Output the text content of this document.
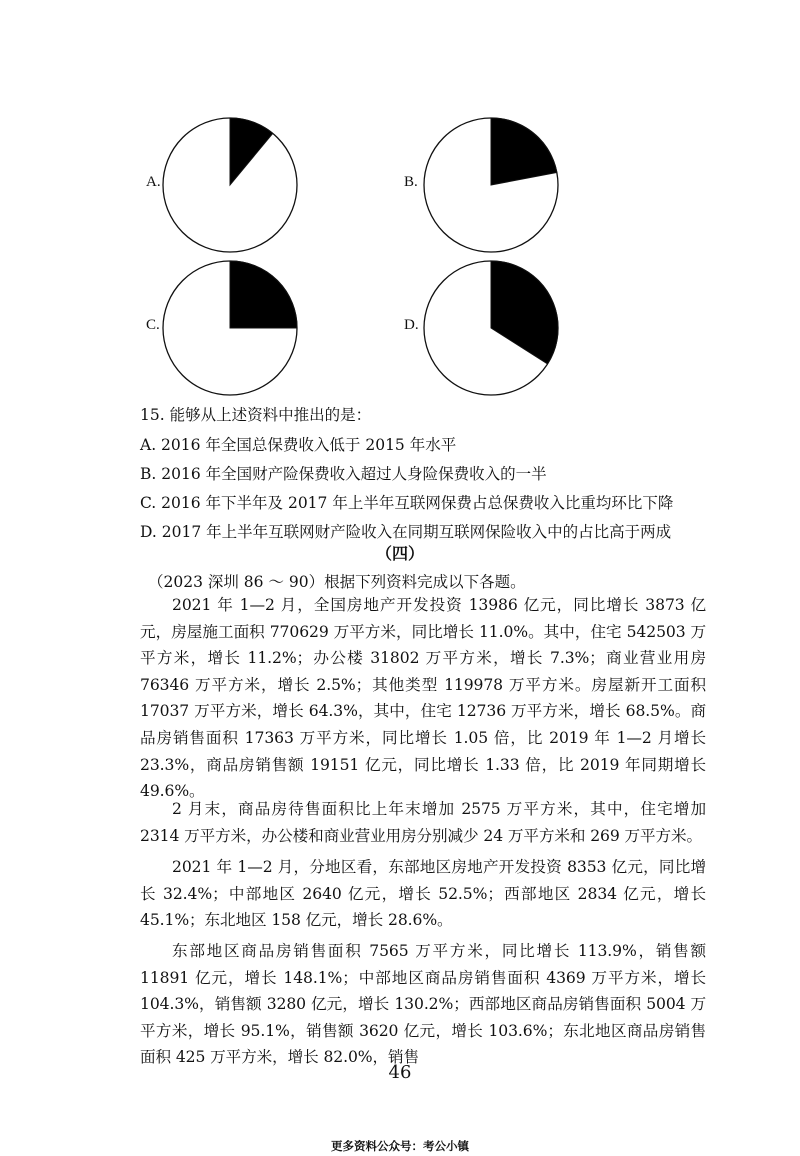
A.	B.
C.	D.
15. 能够从上述资料中推出的是：
A. 2016 年全国总保费收入低于 2015 年水平
B. 2016 年全国财产险保费收入超过人身险保费收入的一半
C. 2016 年下半年及 2017 年上半年互联网保费占总保费收入比重均环比下降
D. 2017 年上半年互联网财产险收入在同期互联网保险收入中的占比高于两成
（四）
（2023 深圳 86 ～ 90）根据下列资料完成以下各题。

2021 年 1—2 月，全国房地产开发投资 13986 亿元，同比增长 3873 亿元，房屋施工面积 770629 万平方米，同比增长 11.0%。其中，住宅 542503 万平方米，增长 11.2%；办公楼 31802 万平方米，增长 7.3%；商业营业用房 76346 万平方米，增长 2.5%；其他类型 119978 万平方米。房屋新开工面积 17037 万平方米，增长 64.3%，其中，住宅 12736 万平方米，增长 68.5%。商品房销售面积 17363 万平方米，同比增长 1.05 倍，比 2019 年 1—2 月增长 23.3%，商品房销售额 19151 亿元，同比增长 1.33 倍，比 2019 年同期增长 49.6%。

2 月末，商品房待售面积比上年末增加 2575 万平方米，其中，住宅增加 2314 万平方米，办公楼和商业营业用房分别减少 24 万平方米和 269 万平方米。

2021 年 1—2 月，分地区看，东部地区房地产开发投资 8353 亿元，同比增长 32.4%；中部地区 2640 亿元，增长 52.5%；西部地区 2834 亿元，增长 45.1%；东北地区 158 亿元，增长 28.6%。

东部地区商品房销售面积 7565 万平方米，同比增长 113.9%，销售额 11891 亿元，增长 148.1%；中部地区商品房销售面积 4369 万平方米，增长 104.3%，销售额 3280 亿元，增长 130.2%；西部地区商品房销售面积 5004 万平方米，增长 95.1%，销售额 3620 亿元，增长 103.6%；东北地区商品房销售面积 425 万平方米，增长 82.0%，销售

46
更多资料公众号：考公小镇
